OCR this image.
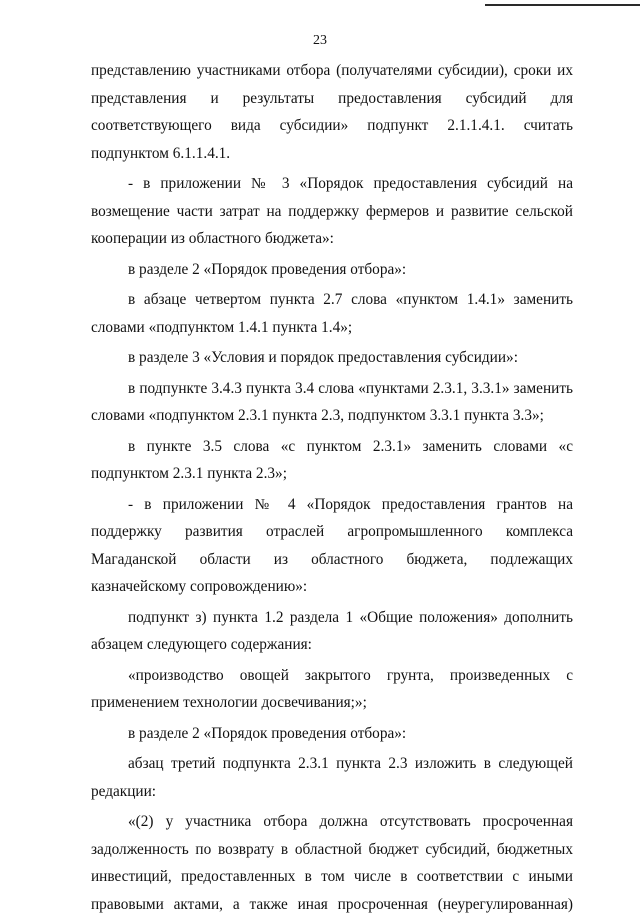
23

представлению участниками отбора (получателями субсидии), сроки их представления и результаты предоставления субсидий для соответствующего вида субсидии» подпункт 2.1.1.4.1. считать подпунктом 6.1.1.4.1.

- в приложении № 3 «Порядок предоставления субсидий на возмещение части затрат на поддержку фермеров и развитие сельской кооперации из областного бюджета»:

в разделе 2 «Порядок проведения отбора»:

в абзаце четвертом пункта 2.7 слова «пунктом 1.4.1» заменить словами «подпунктом 1.4.1 пункта 1.4»;

в разделе 3 «Условия и порядок предоставления субсидии»:

в подпункте 3.4.3 пункта 3.4 слова «пунктами 2.3.1, 3.3.1» заменить словами «подпунктом 2.3.1 пункта 2.3, подпунктом 3.3.1 пункта 3.3»;

в пункте 3.5 слова «с пунктом 2.3.1» заменить словами «с подпунктом 2.3.1 пункта 2.3»;

- в приложении № 4 «Порядок предоставления грантов на поддержку развития отраслей агропромышленного комплекса Магаданской области из областного бюджета, подлежащих казначейскому сопровождению»:

подпункт з) пункта 1.2 раздела 1 «Общие положения» дополнить абзацем следующего содержания:

«производство овощей закрытого грунта, произведенных с применением технологии досвечивания;»;

в разделе 2 «Порядок проведения отбора»:

абзац третий подпункта 2.3.1 пункта 2.3 изложить в следующей редакции:

«(2) у участника отбора должна отсутствовать просроченная задолженность по возврату в областной бюджет субсидий, бюджетных инвестиций, предоставленных в том числе в соответствии с иными правовыми актами, а также иная просроченная (неурегулированная)
